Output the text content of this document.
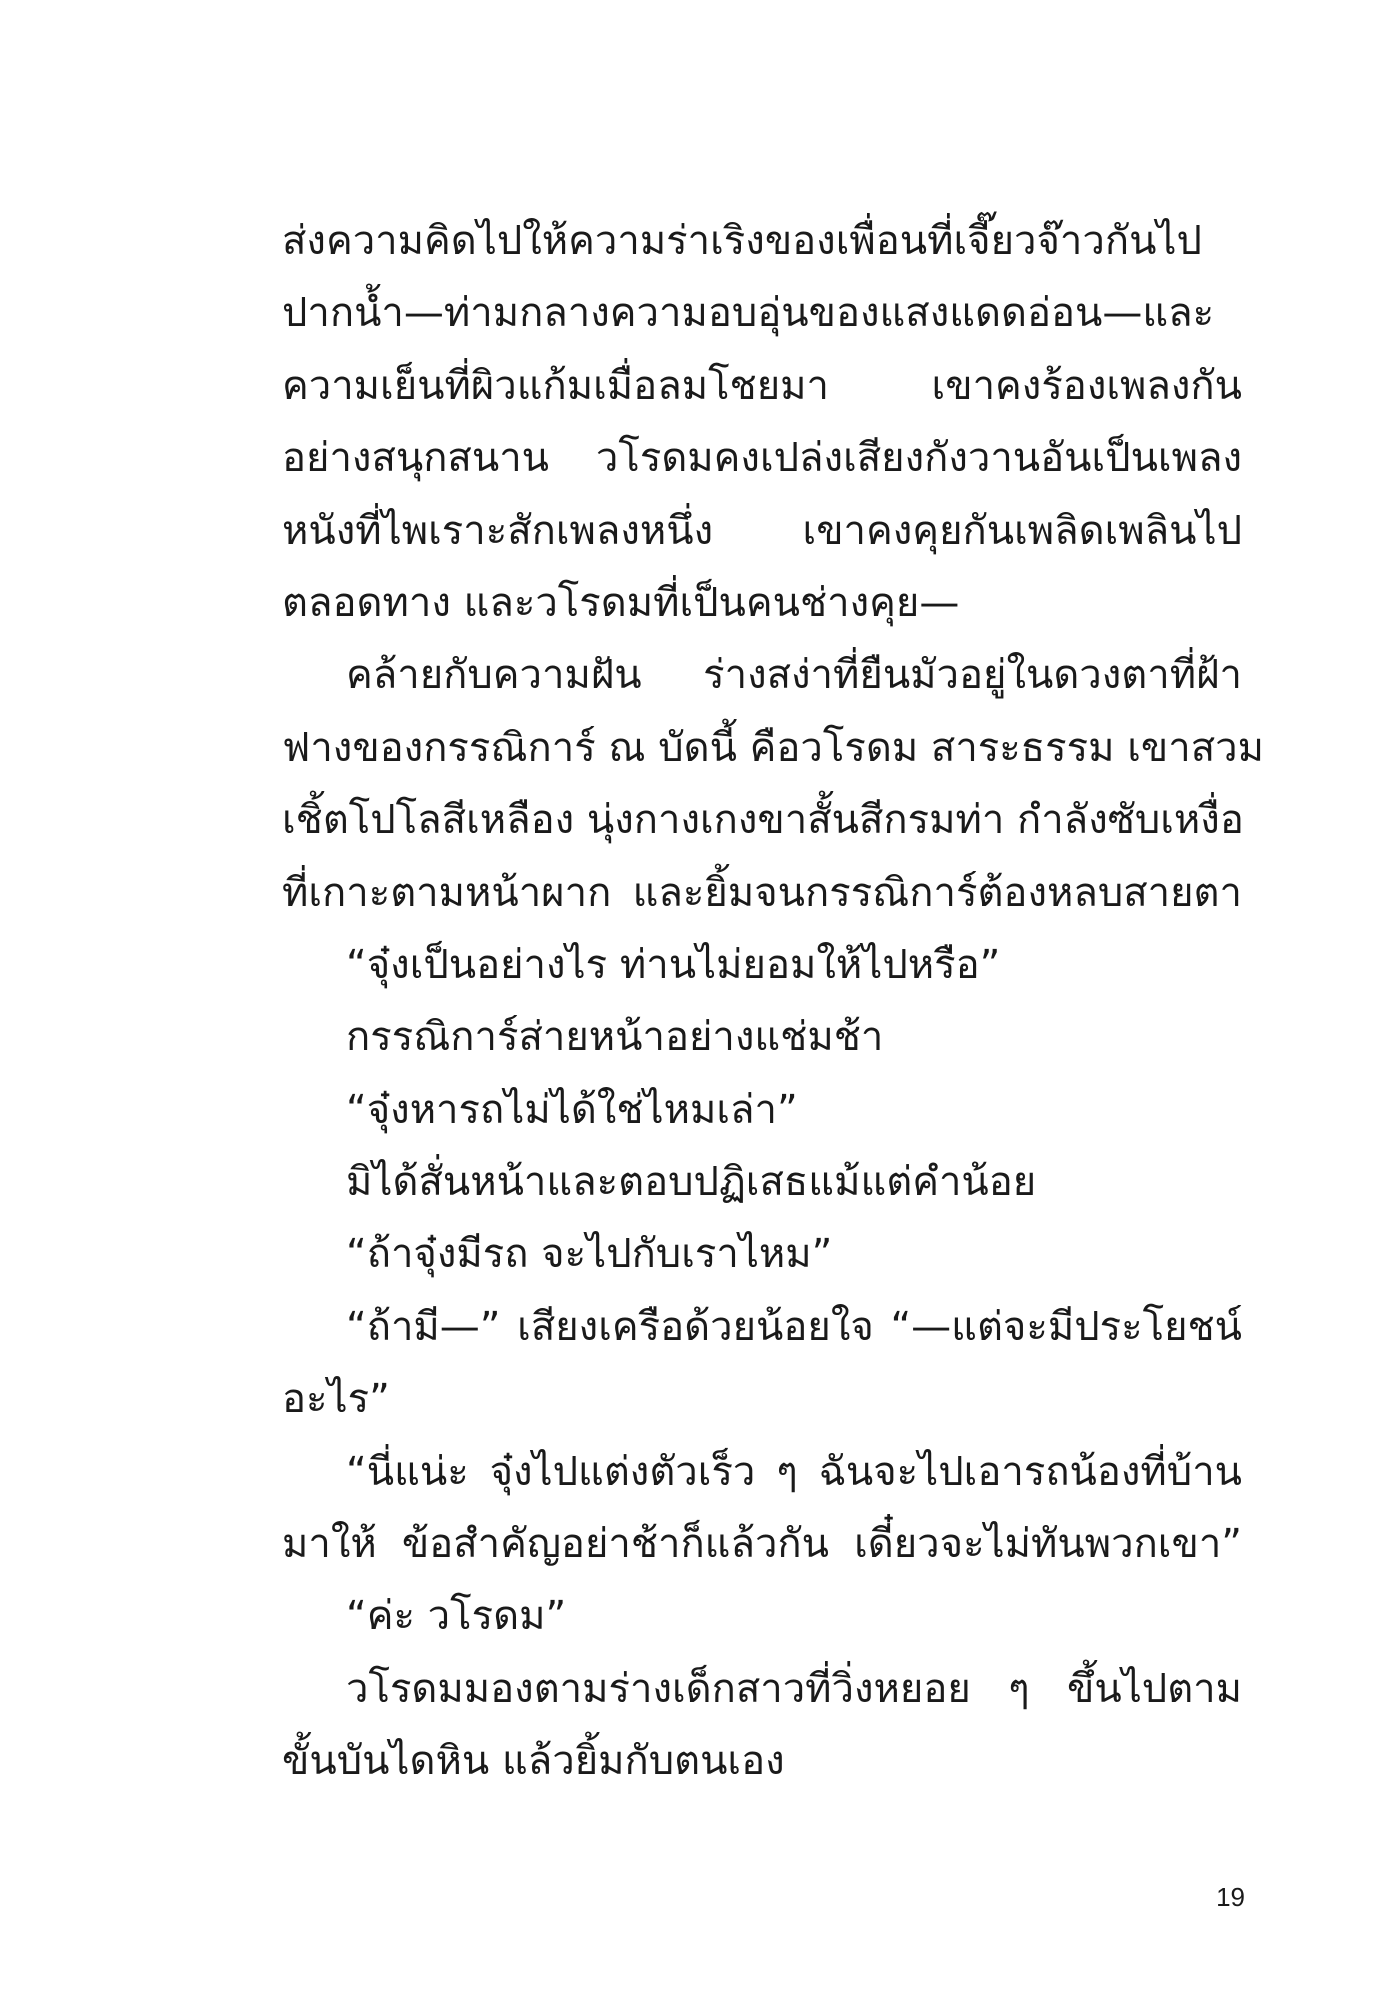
ส่งความคิดไปให้ความร่าเริงของเพื่อนที่เจี๊ยวจ๊าวกันไป
ปากน้ำ—ท่ามกลางความอบอุ่นของแสงแดดอ่อน—และ
ความเย็นที่ผิวแก้มเมื่อลมโชยมา เขาคงร้องเพลงกัน
อย่างสนุกสนาน วโรดมคงเปล่งเสียงกังวานอันเป็นเพลง
หนังที่ไพเราะสักเพลงหนึ่ง เขาคงคุยกันเพลิดเพลินไป
ตลอดทาง และวโรดมที่เป็นคนช่างคุย—
คล้ายกับความฝัน ร่างสง่าที่ยืนมัวอยู่ในดวงตาที่ฝ้า
ฟางของกรรณิการ์ ณ บัดนี้ คือวโรดม สาระธรรม เขาสวม
เชิ้ตโปโลสีเหลือง นุ่งกางเกงขาสั้นสีกรมท่า กำลังซับเหงื่อ
ที่เกาะตามหน้าผาก และยิ้มจนกรรณิการ์ต้องหลบสายตา
“จุ๋งเป็นอย่างไร ท่านไม่ยอมให้ไปหรือ”
กรรณิการ์ส่ายหน้าอย่างแช่มช้า
“จุ๋งหารถไม่ได้ใช่ไหมเล่า”
มิได้สั่นหน้าและตอบปฏิเสธแม้แต่คำน้อย
“ถ้าจุ๋งมีรถ จะไปกับเราไหม”
“ถ้ามี—” เสียงเครือด้วยน้อยใจ “—แต่จะมีประโยชน์
อะไร”
“นี่แน่ะ จุ๋งไปแต่งตัวเร็ว ๆ ฉันจะไปเอารถน้องที่บ้าน
มาให้ ข้อสำคัญอย่าช้าก็แล้วกัน เดี๋ยวจะไม่ทันพวกเขา”
“ค่ะ วโรดม”
วโรดมมองตามร่างเด็กสาวที่วิ่งหยอย ๆ ขึ้นไปตาม
ขั้นบันไดหิน แล้วยิ้มกับตนเอง
19
